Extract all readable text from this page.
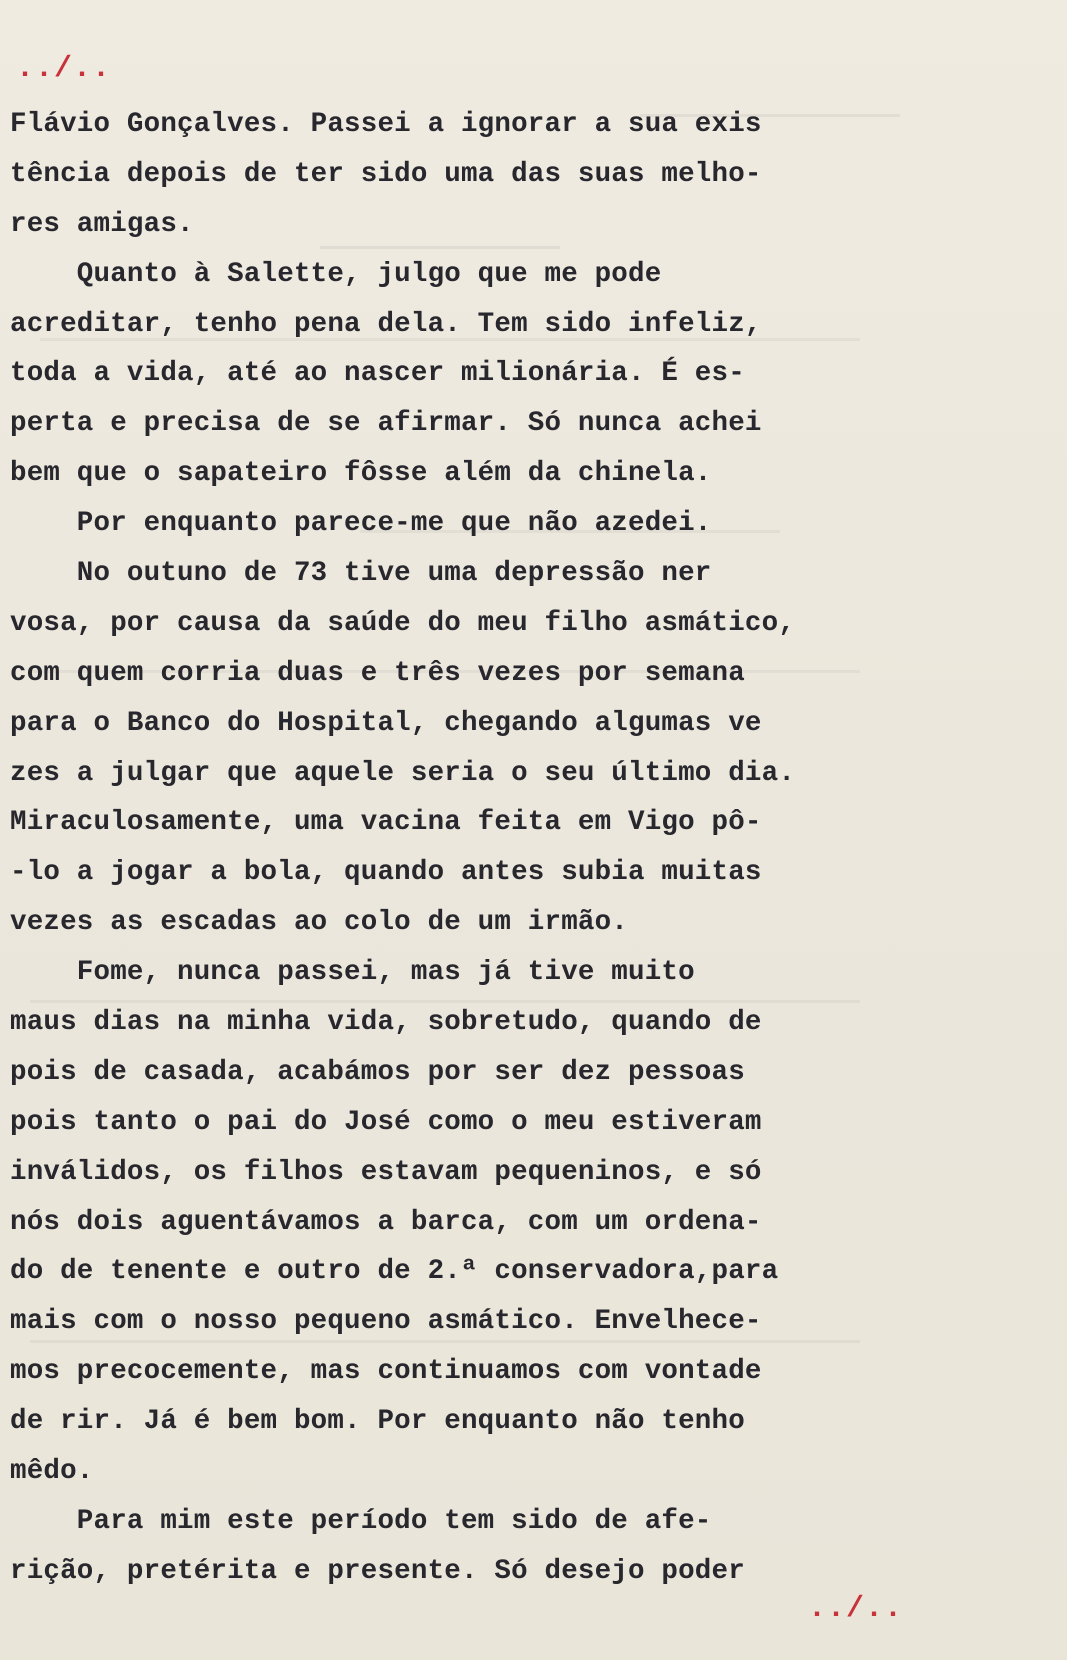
../..
Flávio Gonçalves. Passei a ignorar a sua exis
tência depois de ter sido uma das suas melho-
res amigas.
Quanto à Salette, julgo que me pode
acreditar, tenho pena dela. Tem sido infeliz,
toda a vida, até ao nascer milionária. É es-
perta e precisa de se afirmar. Só nunca achei
bem que o sapateiro fôsse além da chinela.
Por enquanto parece-me que não azedei.
No outuno de 73 tive uma depressão ner
vosa, por causa da saúde do meu filho asmático,
com quem corria duas e três vezes por semana
para o Banco do Hospital, chegando algumas ve
zes a julgar que aquele seria o seu último dia.
Miraculosamente, uma vacina feita em Vigo pô-
-lo a jogar a bola, quando antes subia muitas
vezes as escadas ao colo de um irmão.
Fome, nunca passei, mas já tive muito
maus dias na minha vida, sobretudo, quando de
pois de casada, acabámos por ser dez pessoas
pois tanto o pai do José como o meu estiveram
inválidos, os filhos estavam pequeninos, e só
nós dois aguentávamos a barca, com um ordena-
do de tenente e outro de 2.ª conservadora,para
mais com o nosso pequeno asmático. Envelhece-
mos precocemente, mas continuamos com vontade
de rir. Já é bem bom. Por enquanto não tenho
mêdo.
Para mim este período tem sido de afe-
rição, pretérita e presente. Só desejo poder
../..
